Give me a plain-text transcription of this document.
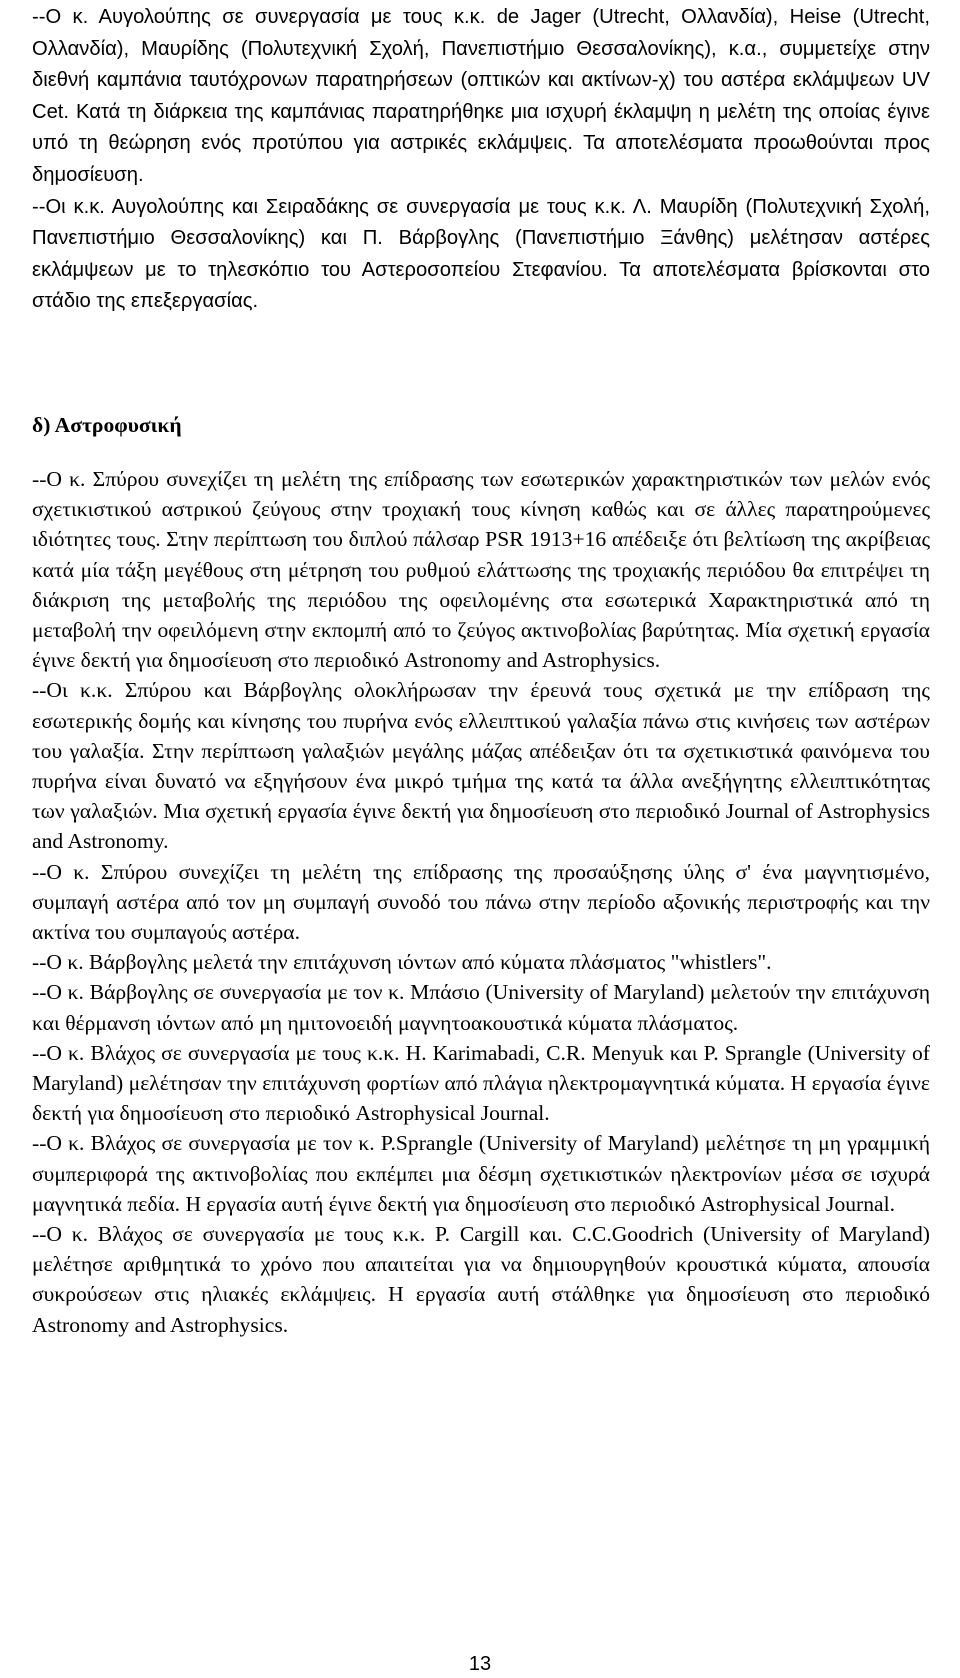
--Ο κ. Αυγολούπης σε συνεργασία με τους κ.κ. de Jager (Utrecht, Ολλανδία), Heise (Utrecht, Ολλανδία), Μαυρίδης (Πολυτεχνική Σχολή, Πανεπιστήμιο Θεσσαλονίκης), κ.α., συμμετείχε στην διεθνή καμπάνια ταυτόχρονων παρατηρήσεων (οπτικών και ακτίνων-χ) του αστέρα εκλάμψεων UV Cet. Κατά τη διάρκεια της καμπάνιας παρατηρήθηκε μια ισχυρή έκλαμψη η μελέτη της οποίας έγινε υπό τη θεώρηση ενός προτύπου για αστρικές εκλάμψεις. Τα αποτελέσματα προωθούνται προς δημοσίευση.

--Οι κ.κ. Αυγολούπης και Σειραδάκης σε συνεργασία με τους κ.κ. Λ. Μαυρίδη (Πολυτεχνική Σχολή, Πανεπιστήμιο Θεσσαλονίκης) και Π. Βάρβογλης (Πανεπιστήμιο Ξάνθης) μελέτησαν αστέρες εκλάμψεων με το τηλεσκόπιο του Αστεροσοπείου Στεφανίου. Τα αποτελέσματα βρίσκονται στο στάδιο της επεξεργασίας.

δ) Αστροφυσική

--Ο κ. Σπύρου συνεχίζει τη μελέτη της επίδρασης των εσωτερικών χαρακτηριστικών των μελών ενός σχετικιστικού αστρικού ζεύγους στην τροχιακή τους κίνηση καθώς και σε άλλες παρατηρούμενες ιδιότητες τους. Στην περίπτωση του διπλού πάλσαρ PSR 1913+16 απέδειξε ότι βελτίωση της ακρίβειας κατά μία τάξη μεγέθους στη μέτρηση του ρυθμού ελάττωσης της τροχιακής περιόδου θα επιτρέψει τη διάκριση της μεταβολής της περιόδου της οφειλομένης στα εσωτερικά Χαρακτηριστικά από τη μεταβολή την οφειλόμενη στην εκπομπή από το ζεύγος ακτινοβολίας βαρύτητας. Μία σχετική εργασία έγινε δεκτή για δημοσίευση στο περιοδικό Astronomy and Astrophysics.

--Οι κ.κ. Σπύρου και Βάρβογλης ολοκλήρωσαν την έρευνά τους σχετικά με την επίδραση της εσωτερικής δομής και κίνησης του πυρήνα ενός ελλειπτικού γαλαξία πάνω στις κινήσεις των αστέρων του γαλαξία. Στην περίπτωση γαλαξιών μεγάλης μάζας απέδειξαν ότι τα σχετικιστικά φαινόμενα του πυρήνα είναι δυνατό να εξηγήσουν ένα μικρό τμήμα της κατά τα άλλα ανεξήγητης ελλειπτικότητας των γαλαξιών. Μια σχετική εργασία έγινε δεκτή για δημοσίευση στο περιοδικό Journal of Astrophysics and Astronomy.

--Ο κ. Σπύρου συνεχίζει τη μελέτη της επίδρασης της προσαύξησης ύλης σ' ένα μαγνητισμένο, συμπαγή αστέρα από τον μη συμπαγή συνοδό του πάνω στην περίοδο αξονικής περιστροφής και την ακτίνα του συμπαγούς αστέρα.

--Ο κ. Βάρβογλης μελετά την επιτάχυνση ιόντων από κύματα πλάσματος "whistlers".

--Ο κ. Βάρβογλης σε συνεργασία με τον κ. Μπάσιο (University of Maryland) μελετούν την επιτάχυνση και θέρμανση ιόντων από μη ημιτονοειδή μαγνητοακουστικά κύματα πλάσματος.

--Ο κ. Βλάχος σε συνεργασία με τους κ.κ. H. Karimabadi, C.R. Menyuk και P. Sprangle (University of Maryland) μελέτησαν την επιτάχυνση φορτίων από πλάγια ηλεκτρομαγνητικά κύματα. Η εργασία έγινε δεκτή για δημοσίευση στο περιοδικό Astrophysical Journal.

--Ο κ. Βλάχος σε συνεργασία με τον κ. P.Sprangle (University of Maryland) μελέτησε τη μη γραμμική συμπεριφορά της ακτινοβολίας που εκπέμπει μια δέσμη σχετικιστικών ηλεκτρονίων μέσα σε ισχυρά μαγνητικά πεδία. Η εργασία αυτή έγινε δεκτή για δημοσίευση στο περιοδικό Astrophysical Journal.

--Ο κ. Βλάχος σε συνεργασία με τους κ.κ. P. Cargill και. C.C.Goodrich (University of Maryland) μελέτησε αριθμητικά το χρόνο που απαιτείται για να δημιουργηθούν κρουστικά κύματα, απουσία συκρούσεων στις ηλιακές εκλάμψεις. Η εργασία αυτή στάλθηκε για δημοσίευση στο περιοδικό Astronomy and Astrophysics.

13
